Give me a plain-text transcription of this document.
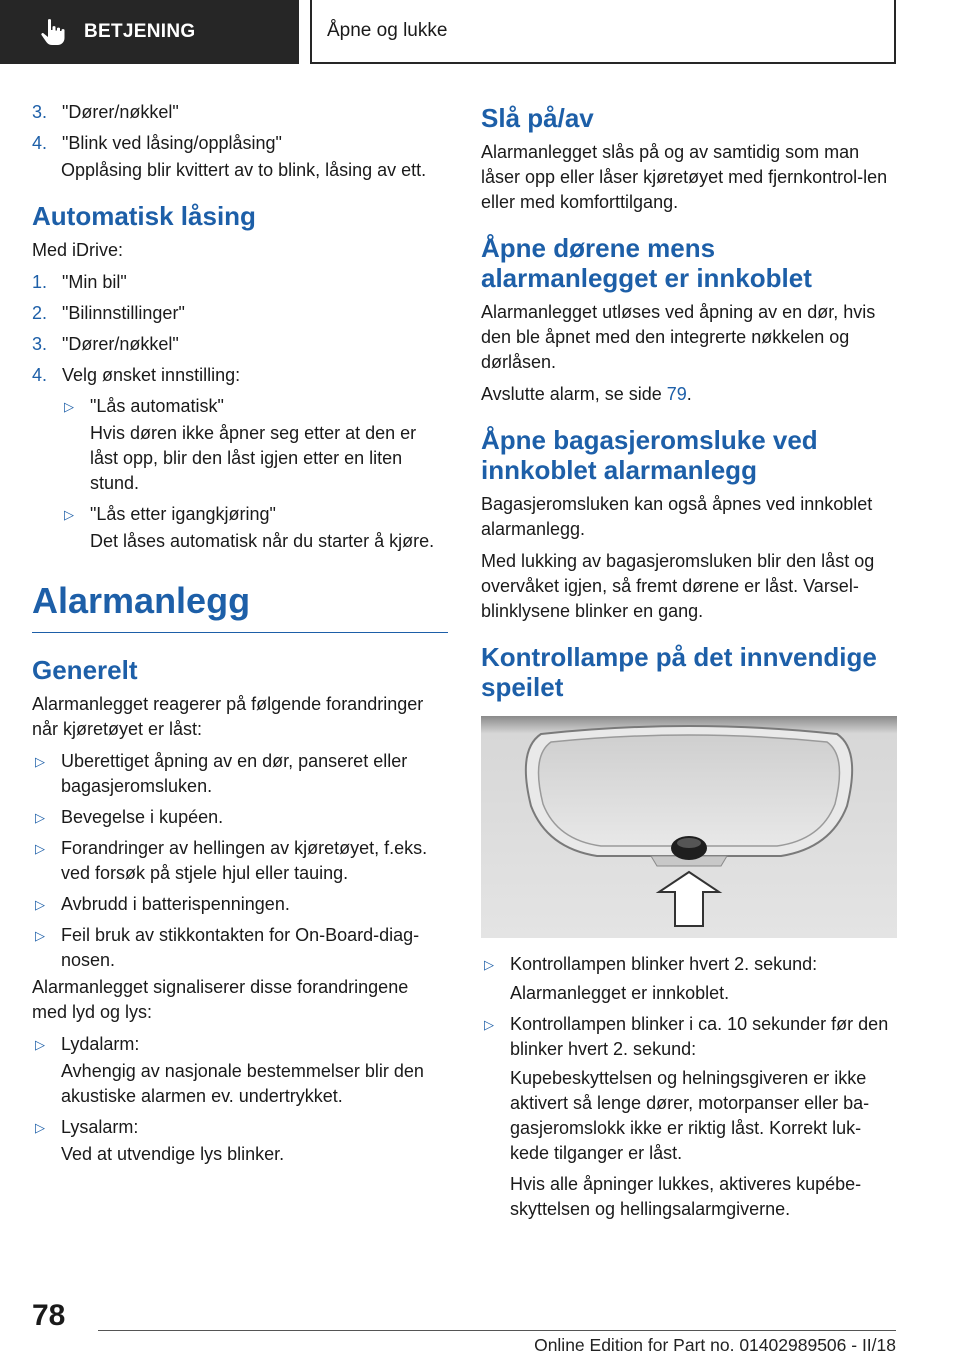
BETJENING	Åpne og lukke
3. "Dører/nøkkel"
4. "Blink ved låsing/opplåsing"
Opplåsing blir kvittert av to blink, låsing av ett.
Automatisk låsing
Med iDrive:
1. "Min bil"
2. "Bilinnstillinger"
3. "Dører/nøkkel"
4. Velg ønsket innstilling:
▷ "Lås automatisk"
Hvis døren ikke åpner seg etter at den er låst opp, blir den låst igjen etter en liten stund.
▷ "Lås etter igangkjøring"
Det låses automatisk når du starter å kjøre.
Alarmanlegg
Generelt
Alarmanlegget reagerer på følgende forandringer når kjøretøyet er låst:
▷ Uberettiget åpning av en dør, panseret eller bagasjeromsluken.
▷ Bevegelse i kupéen.
▷ Forandringer av hellingen av kjøretøyet, f.eks. ved forsøk på stjele hjul eller tauing.
▷ Avbrudd i batterispenningen.
▷ Feil bruk av stikkontakten for On-Board-diag‐nosen.
Alarmanlegget signaliserer disse forandringene med lyd og lys:
▷ Lydalarm:
Avhengig av nasjonale bestemmelser blir den akustiske alarmen ev. undertrykket.
▷ Lysalarm:
Ved at utvendige lys blinker.
Slå på/av
Alarmanlegget slås på og av samtidig som man låser opp eller låser kjøretøyet med fjernkontrol‐len eller med komforttilgang.
Åpne dørene mens alarmanlegget er innkoblet
Alarmanlegget utløses ved åpning av en dør, hvis den ble åpnet med den integrerte nøkkelen og dørlåsen.
Avslutte alarm, se side 79.
Åpne bagasjeromsluke ved innkoblet alarmanlegg
Bagasjeromsluken kan også åpnes ved innkoblet alarmanlegg.
Med lukking av bagasjeromsluken blir den låst og overvåket igjen, så fremt dørene er låst. Varsel‐blinklysene blinker en gang.
Kontrollampe på det innvendige speilet
▷ Kontrollampen blinker hvert 2. sekund:
Alarmanlegget er innkoblet.
▷ Kontrollampen blinker i ca. 10 sekunder før den blinker hvert 2. sekund:
Kupebeskyttelsen og helningsgiveren er ikke aktivert så lenge dører, motorpanser eller ba‐gasjeromslokk ikke er riktig låst. Korrekt luk‐kede tilganger er låst.
Hvis alle åpninger lukkes, aktiveres kupébe‐skyttelsen og hellingsalarmgiverne.
78
Online Edition for Part no. 01402989506 - II/18
